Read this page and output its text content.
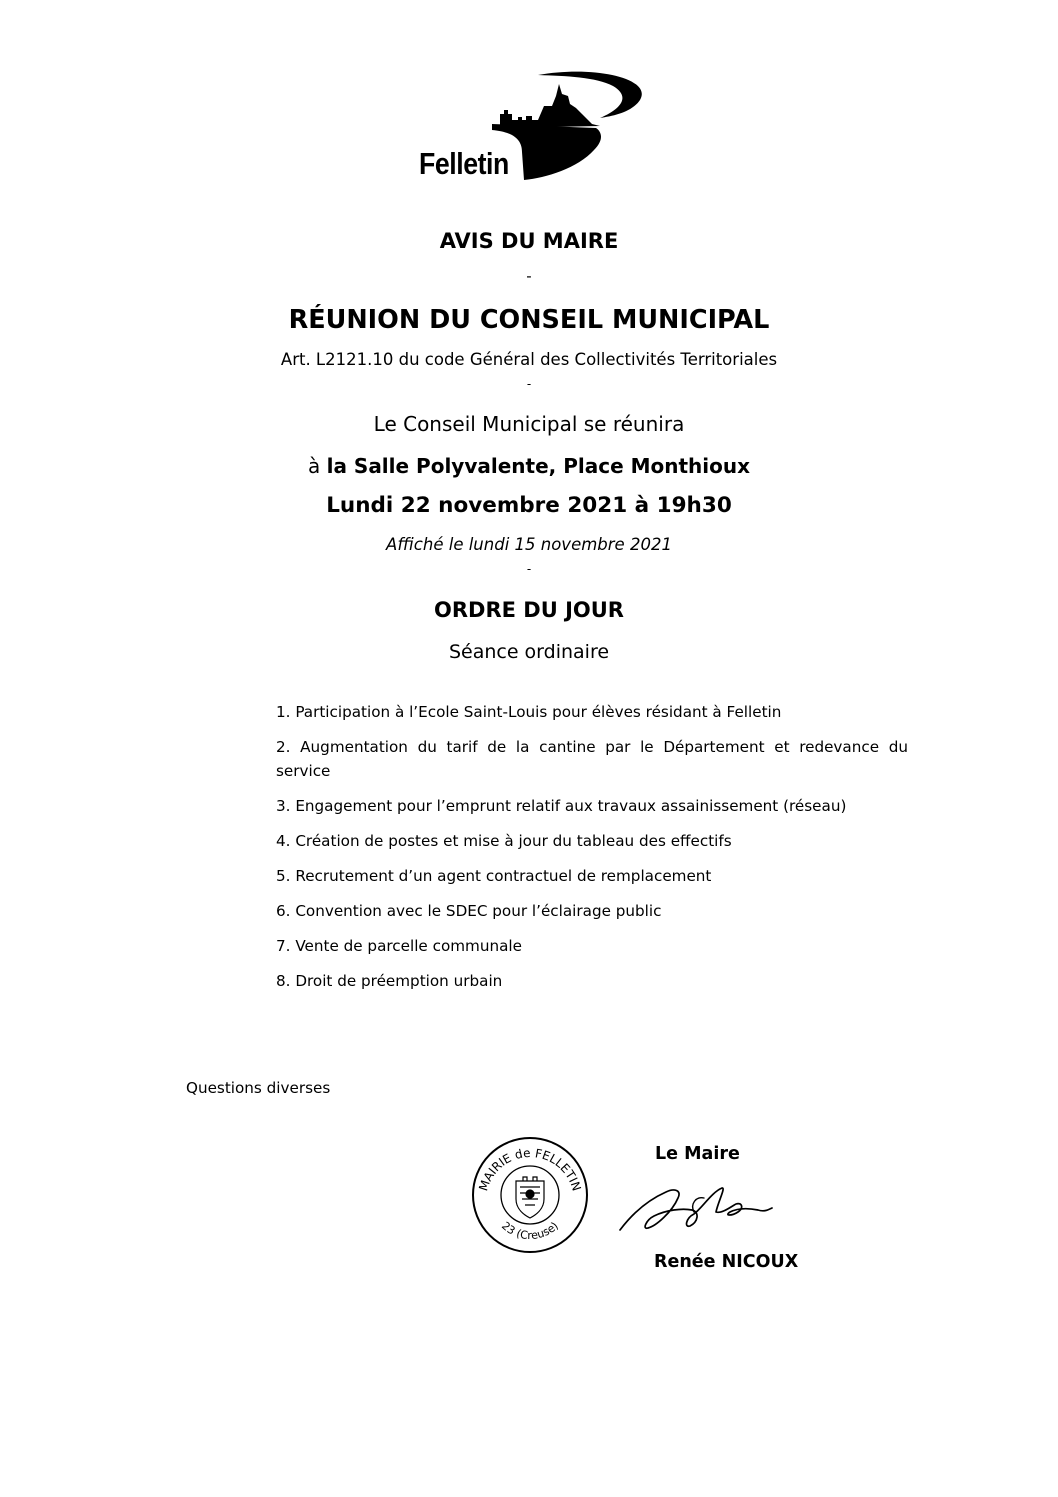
Felletin
AVIS DU MAIRE
-
RÉUNION DU CONSEIL MUNICIPAL
Art. L2121.10 du code Général des Collectivités Territoriales
-
Le Conseil Municipal se réunira
à la Salle Polyvalente, Place Monthioux
Lundi 22 novembre 2021 à 19h30
Affiché le lundi 15 novembre 2021
-
ORDRE DU JOUR
Séance ordinaire
1. Participation à l’Ecole Saint-Louis pour élèves résidant à Felletin
2. Augmentation du tarif de la cantine par le Département et redevance du service
3. Engagement pour l’emprunt relatif aux travaux assainissement (réseau)
4. Création de postes et mise à jour du tableau des effectifs
5. Recrutement d’un agent contractuel de remplacement
6. Convention avec le SDEC pour l’éclairage public
7. Vente de parcelle communale
8. Droit de préemption urbain
Questions diverses
MAIRIE de FELLETIN
23 (Creuse)
Le Maire
Renée NICOUX
